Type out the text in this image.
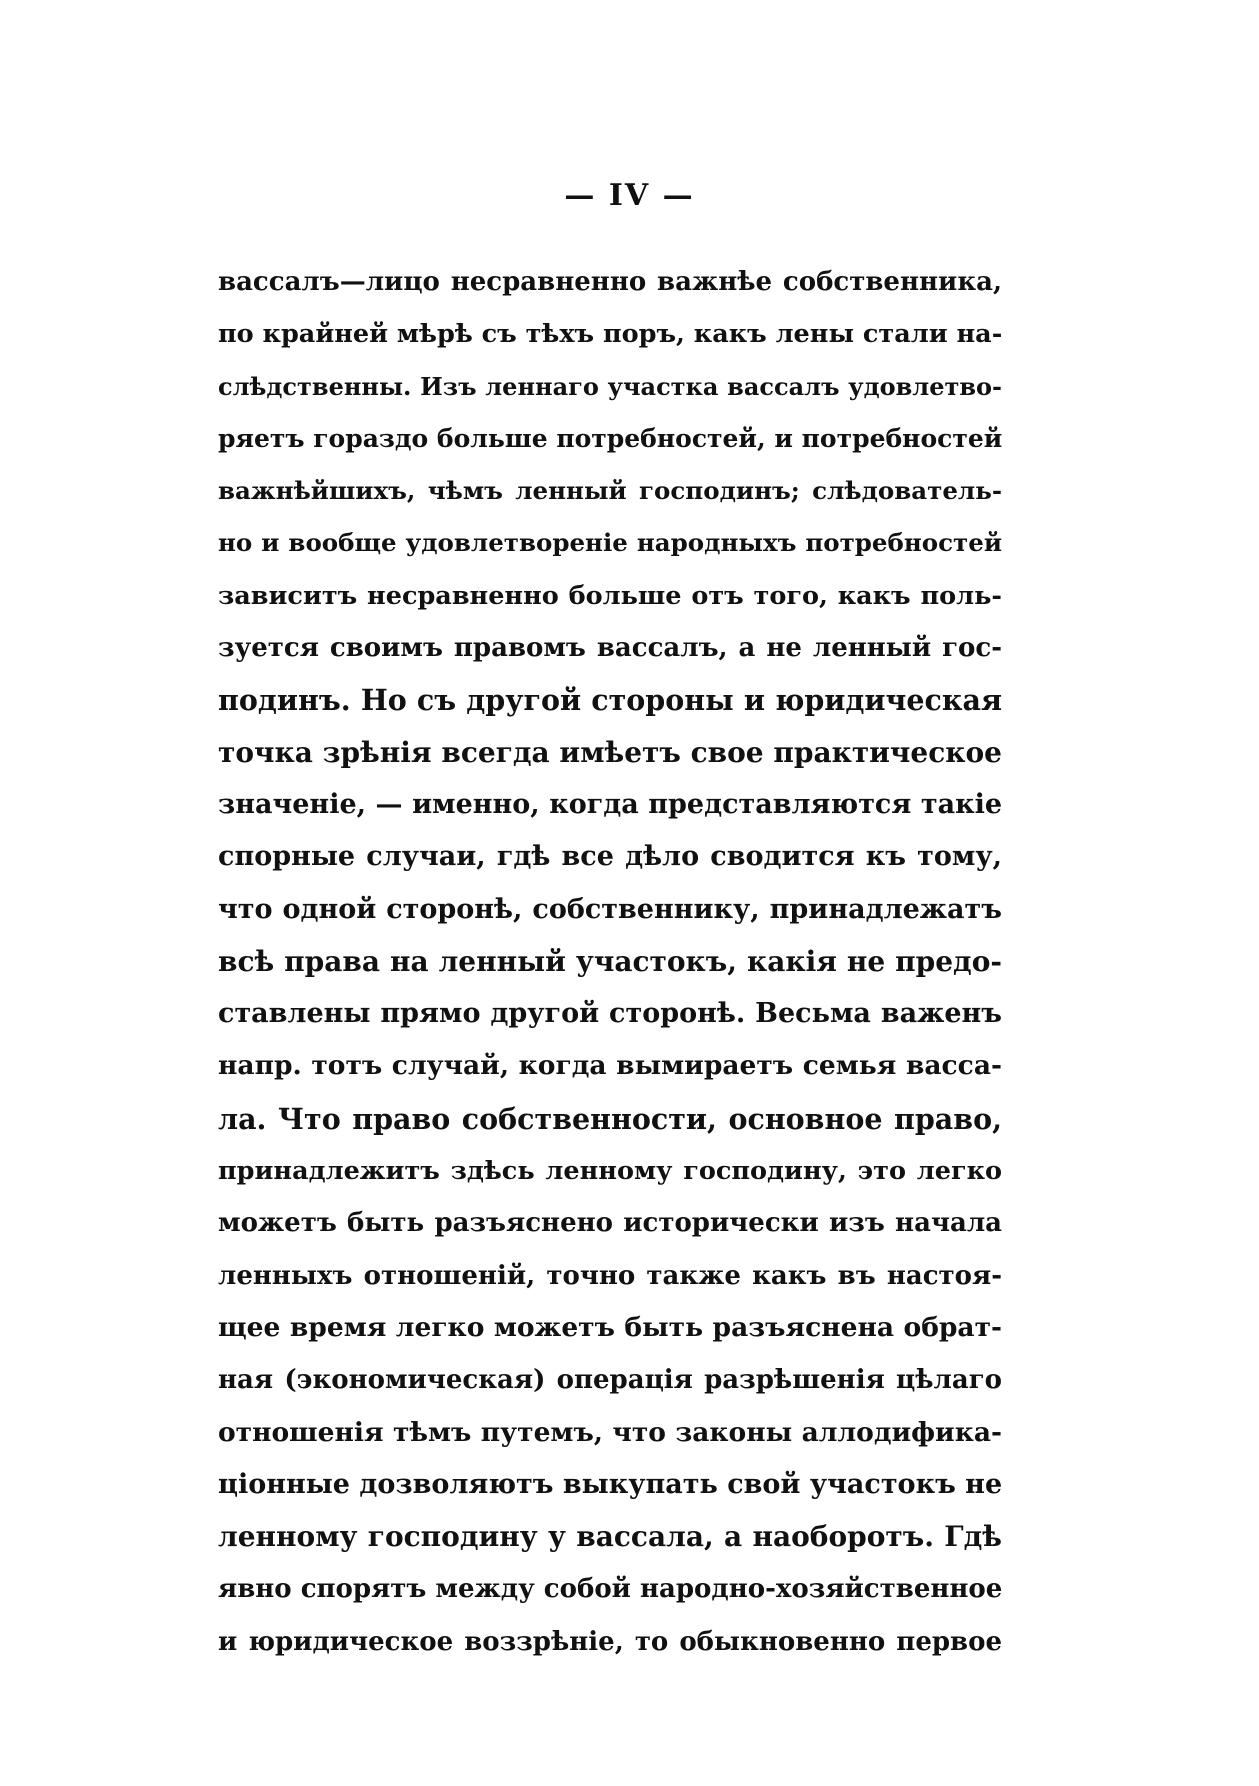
— IV —
вассалъ—лицо несравненно важнѣе собственника,
по крайней мѣрѣ съ тѣхъ поръ, какъ лены стали на-
слѣдственны. Изъ леннаго участка вассалъ удовлетво-
ряетъ гораздо больше потребностей, и потребностей
важнѣйшихъ, чѣмъ ленный господинъ; слѣдователь-
но и вообще удовлетвореніе народныхъ потребностей
зависитъ несравненно больше отъ того, какъ поль-
зуется своимъ правомъ вассалъ, а не ленный гос-
подинъ. Но съ другой стороны и юридическая
точка зрѣнія всегда имѣетъ свое практическое
значеніе, — именно, когда представляются такіе
спорные случаи, гдѣ все дѣло сводится къ тому,
что одной сторонѣ, собственнику, принадлежатъ
всѣ права на ленный участокъ, какія не предо-
ставлены прямо другой сторонѣ. Весьма важенъ
напр. тотъ случай, когда вымираетъ семья васса-
ла. Что право собственности, основное право,
принадлежитъ здѣсь ленному господину, это легко
можетъ быть разъяснено исторически изъ начала
ленныхъ отношеній, точно также какъ въ настоя-
щее время легко можетъ быть разъяснена обрат-
ная (экономическая) операція разрѣшенія цѣлаго
отношенія тѣмъ путемъ, что законы аллодифика-
ціонные дозволяютъ выкупать свой участокъ не
ленному господину у вассала, а наоборотъ. Гдѣ
явно спорятъ между собой народно-хозяйственное
и юридическое воззрѣніе, то обыкновенно первое
